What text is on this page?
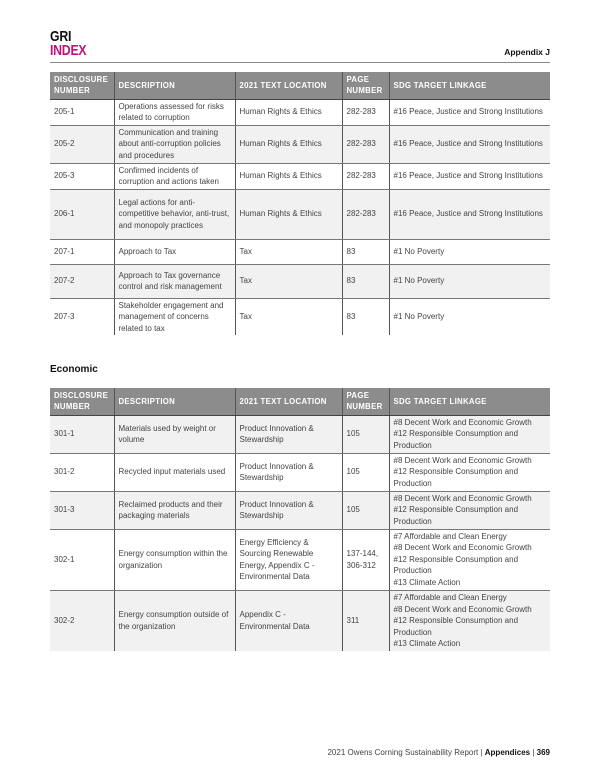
GRI
INDEX	Appendix J
DISCLOSURE NUMBER	DESCRIPTION	2021 TEXT LOCATION	PAGE NUMBER	SDG TARGET LINKAGE
205-1	Operations assessed for risks related to corruption	Human Rights & Ethics	282-283	#16 Peace, Justice and Strong Institutions
205-2	Communication and training about anti-corruption policies and procedures	Human Rights & Ethics	282-283	#16 Peace, Justice and Strong Institutions
205-3	Confirmed incidents of corruption and actions taken	Human Rights & Ethics	282-283	#16 Peace, Justice and Strong Institutions
206-1	Legal actions for anti-competitive behavior, anti-trust, and monopoly practices	Human Rights & Ethics	282-283	#16 Peace, Justice and Strong Institutions
207-1	Approach to Tax	Tax	83	#1 No Poverty
207-2	Approach to Tax governance control and risk management	Tax	83	#1 No Poverty
207-3	Stakeholder engagement and management of concerns related to tax	Tax	83	#1 No Poverty
Economic
DISCLOSURE NUMBER	DESCRIPTION	2021 TEXT LOCATION	PAGE NUMBER	SDG TARGET LINKAGE
301-1	Materials used by weight or volume	Product Innovation & Stewardship	105	#8 Decent Work and Economic Growth
#12 Responsible Consumption and Production

301-2	Recycled input materials used	Product Innovation & Stewardship	105	#8 Decent Work and Economic Growth
#12 Responsible Consumption and Production

301-3	Reclaimed products and their packaging materials	Product Innovation & Stewardship	105	#8 Decent Work and Economic Growth
#12 Responsible Consumption and Production

302-1	Energy consumption within the organization	Energy Efficiency & Sourcing Renewable Energy, Appendix C - Environmental Data	137-144, 306-312	#7 Affordable and Clean Energy
#8 Decent Work and Economic Growth
#12 Responsible Consumption and Production
#13 Climate Action

302-2	Energy consumption outside of the organization	Appendix C - Environmental Data	311	#7 Affordable and Clean Energy
#8 Decent Work and Economic Growth
#12 Responsible Consumption and Production
#13 Climate Action
2021 Owens Corning Sustainability Report | Appendices | 369
